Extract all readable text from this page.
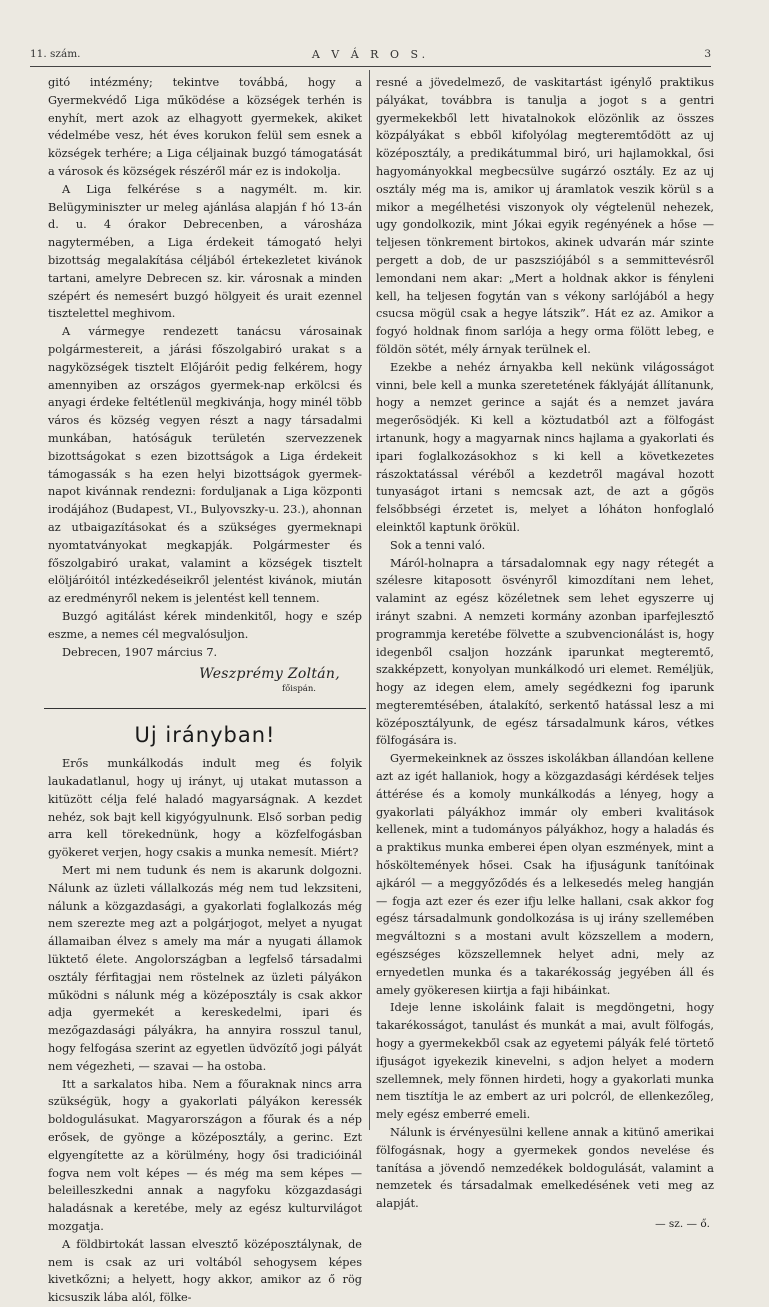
11. szám.	A V Á R O S.	3

gitó intézmény; tekintve továbbá, hogy a Gyermekvédő Liga működése a községek terhén is enyhít, mert azok az elhagyott gyermekek, akiket védelmébe vesz, hét éves korukon felül sem esnek a községek terhére; a Liga céljainak buzgó támogatását a városok és községek részéről már ez is indokolja.

A Liga felkérése s a nagymélt. m. kir. Belügyminiszter ur meleg ajánlása alapján f hó 13-án d. u. 4 órakor Debrecenben, a városháza nagytermében, a Liga érdekeit támogató helyi bizottság megalakítása céljából értekezletet kivánok tartani, amelyre Debrecen sz. kir. városnak a minden szépért és nemesért buzgó hölgyeit és urait ezennel tisztelettel meghivom.

A vármegye rendezett tanácsu városainak polgármestereit, a járási főszolgabiró urakat s a nagyközségek tisztelt Előjáróit pedig felkérem, hogy amennyiben az országos gyermek-nap erkölcsi és anyagi érdeke feltétlenül megkivánja, hogy minél több város és község vegyen részt a nagy társadalmi munkában, hatóságuk területén szervezzenek bizottságokat s ezen bizottságok a Liga érdekeit támogassák s ha ezen helyi bizottságok gyermek-napot kivánnak rendezni: forduljanak a Liga központi irodájához (Budapest, VI., Bulyovszky-u. 23.), ahonnan az utbaigazításokat és a szükséges gyermeknapi nyomtatványokat megkapják. Polgármester és főszolgabiró urakat, valamint a községek tisztelt elöljáróitól intézkedéseikről jelentést kivánok, miután az eredményről nekem is jelentést kell tennem.

Buzgó agitálást kérek mindenkitől, hogy e szép eszme, a nemes cél megvalósuljon.

Debrecen, 1907 március 7.

Weszprémy Zoltán,
főispán.
Uj irányban!

Erős munkálkodás indult meg és folyik laukadatlanul, hogy uj irányt, uj utakat mutasson a kitüzött célja felé haladó magyarságnak. A kezdet nehéz, sok bajt kell kigyógyulnunk. Első sorban pedig arra kell törekednünk, hogy a közfelfogásban gyökeret verjen, hogy csakis a munka nemesít. Miért?

Mert mi nem tudunk és nem is akarunk dolgozni. Nálunk az üzleti vállalkozás még nem tud lekzsiteni, nálunk a közgazdasági, a gyakorlati foglalkozás még nem szerezte meg azt a polgárjogot, melyet a nyugat államaiban élvez s amely ma már a nyugati államok lüktető élete. Angolországban a legfelső társadalmi osztály férfitagjai nem röstelnek az üzleti pályákon működni s nálunk még a középosztály is csak akkor adja gyermekét a kereskedelmi, ipari és mezőgazdasági pályákra, ha annyira rosszul tanul, hogy felfogása szerint az egyetlen üdvözítő jogi pályát nem végezheti, — szavai — ha ostoba.

Itt a sarkalatos hiba. Nem a főuraknak nincs arra szükségük, hogy a gyakorlati pályákon keressék boldogulásukat. Magyarországon a főurak és a nép erősek, de gyönge a középosztály, a gerinc. Ezt elgyengítette az a körülmény, hogy ősi tradicióinál fogva nem volt képes — és még ma sem képes — beleilleszkedni annak a nagyfoku közgazdasági haladásnak a keretébe, mely az egész kulturvilágot mozgatja.

A földbirtokát lassan elvesztő középosztálynak, de nem is csak az uri voltából sehogysem képes kivetkőzni; a helyett, hogy akkor, amikor az ő rög kicsuszik lába alól, fölke-

resné a jövedelmező, de vaskitartást igénylő praktikus pályákat, továbbra is tanulja a jogot s a gentri gyermekekből lett hivatalnokok elözönlik az összes közpályákat s ebből kifolyólag megteremtődött az uj középosztály, a predikátummal biró, uri hajlamokkal, ősi hagyományokkal megbecsülve sugárzó osztály. Ez az uj osztály még ma is, amikor uj áramlatok veszik körül s a mikor a megélhetési viszonyok oly végtelenül nehezek, ugy gondolkozik, mint Jókai egyik regényének a hőse — teljesen tönkrement birtokos, akinek udvarán már szinte pergett a dob, de ur paszsziójából s a semmittevésről lemondani nem akar: „Mert a holdnak akkor is fényleni kell, ha teljesen fogytán van s vékony sarlójából a hegy csucsa mögül csak a hegye látszik”. Hát ez az. Amikor a fogyó holdnak finom sarlója a hegy orma fölött lebeg, e földön sötét, mély árnyak terülnek el.

Ezekbe a nehéz árnyakba kell nekünk világosságot vinni, bele kell a munka szeretetének fáklyáját állítanunk, hogy a nemzet gerince a saját és a nemzet javára megerősödjék. Ki kell a köztudatból azt a fölfogást irtanunk, hogy a magyarnak nincs hajlama a gyakorlati és ipari foglalkozásokhoz s ki kell a következetes rászoktatással véréből a kezdetről magával hozott tunyaságot irtani s nemcsak azt, de azt a gőgös felsőbbségi érzetet is, melyet a lóháton honfoglaló eleinktől kaptunk örökül.

Sok a tenni való.

Máról-holnapra a társadalomnak egy nagy rétegét a szélesre kitaposott ösvényről kimozdítani nem lehet, valamint az egész közéletnek sem lehet egyszerre uj irányt szabni. A nemzeti kormány azonban iparfejlesztő programmja keretébe fölvette a szubvencionálást is, hogy idegenből csaljon hozzánk iparunkat megteremtő, szakképzett, konyolyan munkálkodó uri elemet. Reméljük, hogy az idegen elem, amely segédkezni fog iparunk megteremtésében, átalakító, serkentő hatással lesz a mi középosztályunk, de egész társadalmunk káros, vétkes fölfogására is.

Gyermekeinknek az összes iskolákban állandóan kellene azt az igét hallaniok, hogy a közgazdasági kérdések teljes áttérése és a komoly munkálkodás a lényeg, hogy a gyakorlati pályákhoz immár oly emberi kvalitások kellenek, mint a tudományos pályákhoz, hogy a haladás és a praktikus munka emberei épen olyan eszmények, mint a hősköltemények hősei. Csak ha ifjuságunk tanítóinak ajkáról — a meggyőződés és a lelkesedés meleg hangján — fogja azt ezer és ezer ifju lelke hallani, csak akkor fog egész társadalmunk gondolkozása is uj irány szellemében megváltozni s a mostani avult közszellem a modern, egészséges közszellemnek helyet adni, mely az ernyedetlen munka és a takarékosság jegyében áll és amely gyökeresen kiirtja a faji hibáinkat.

Ideje lenne iskoláink falait is megdöngetni, hogy takarékosságot, tanulást és munkát a mai, avult fölfogás, hogy a gyermekekből csak az egyetemi pályák felé törtető ifjuságot igyekezik kinevelni, s adjon helyet a modern szellemnek, mely fönnen hirdeti, hogy a gyakorlati munka nem tisztítja le az embert az uri polcról, de ellenkezőleg, mely egész emberré emeli.

Nálunk is érvényesülni kellene annak a kitünő amerikai fölfogásnak, hogy a gyermekek gondos nevelése és tanítása a jövendő nemzedékek boldogulását, valamint a nemzetek és társadalmak emelkedésének veti meg az alapját.

— sz. — ő.
